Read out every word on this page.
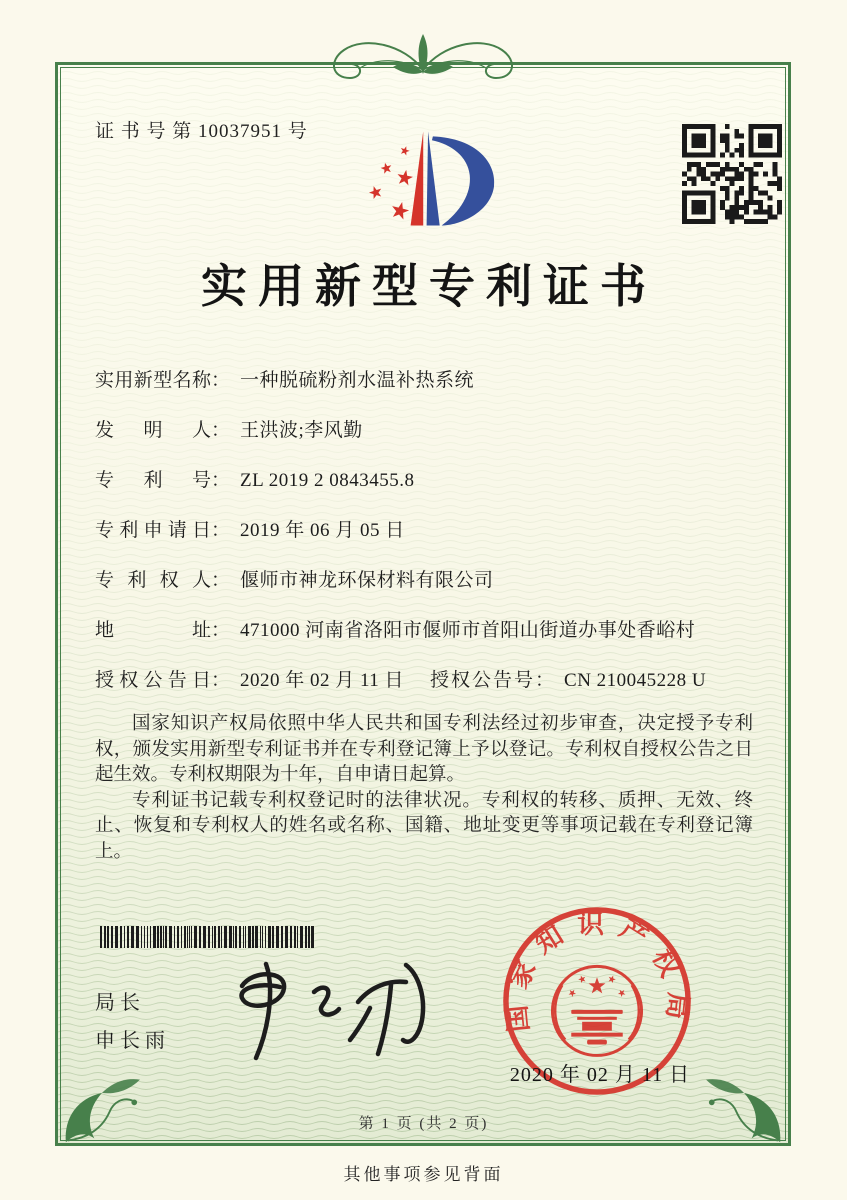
证 书 号 第 10037951 号
实用新型专利证书
实用新型名称： 一种脱硫粉剂水温补热系统
发明人： 王洪波;李风勤
专利号： ZL 2019 2 0843455.8
专利申请日： 2019 年 06 月 05 日
专利权人： 偃师市神龙环保材料有限公司
地址： 471000 河南省洛阳市偃师市首阳山街道办事处香峪村
授权公告日： 2020 年 02 月 11 日 授权公告号： CN 210045228 U

国家知识产权局依照中华人民共和国专利法经过初步审查，决定授予专利权，颁发实用新型专利证书并在专利登记簿上予以登记。专利权自授权公告之日起生效。专利权期限为十年，自申请日起算。

专利证书记载专利权登记时的法律状况。专利权的转移、质押、无效、终止、恢复和专利权人的姓名或名称、国籍、地址变更等事项记载在专利登记簿上。

局长
申长雨
国家知识产权局
2020 年 02 月 11 日
第 1 页 (共 2 页)
其他事项参见背面
